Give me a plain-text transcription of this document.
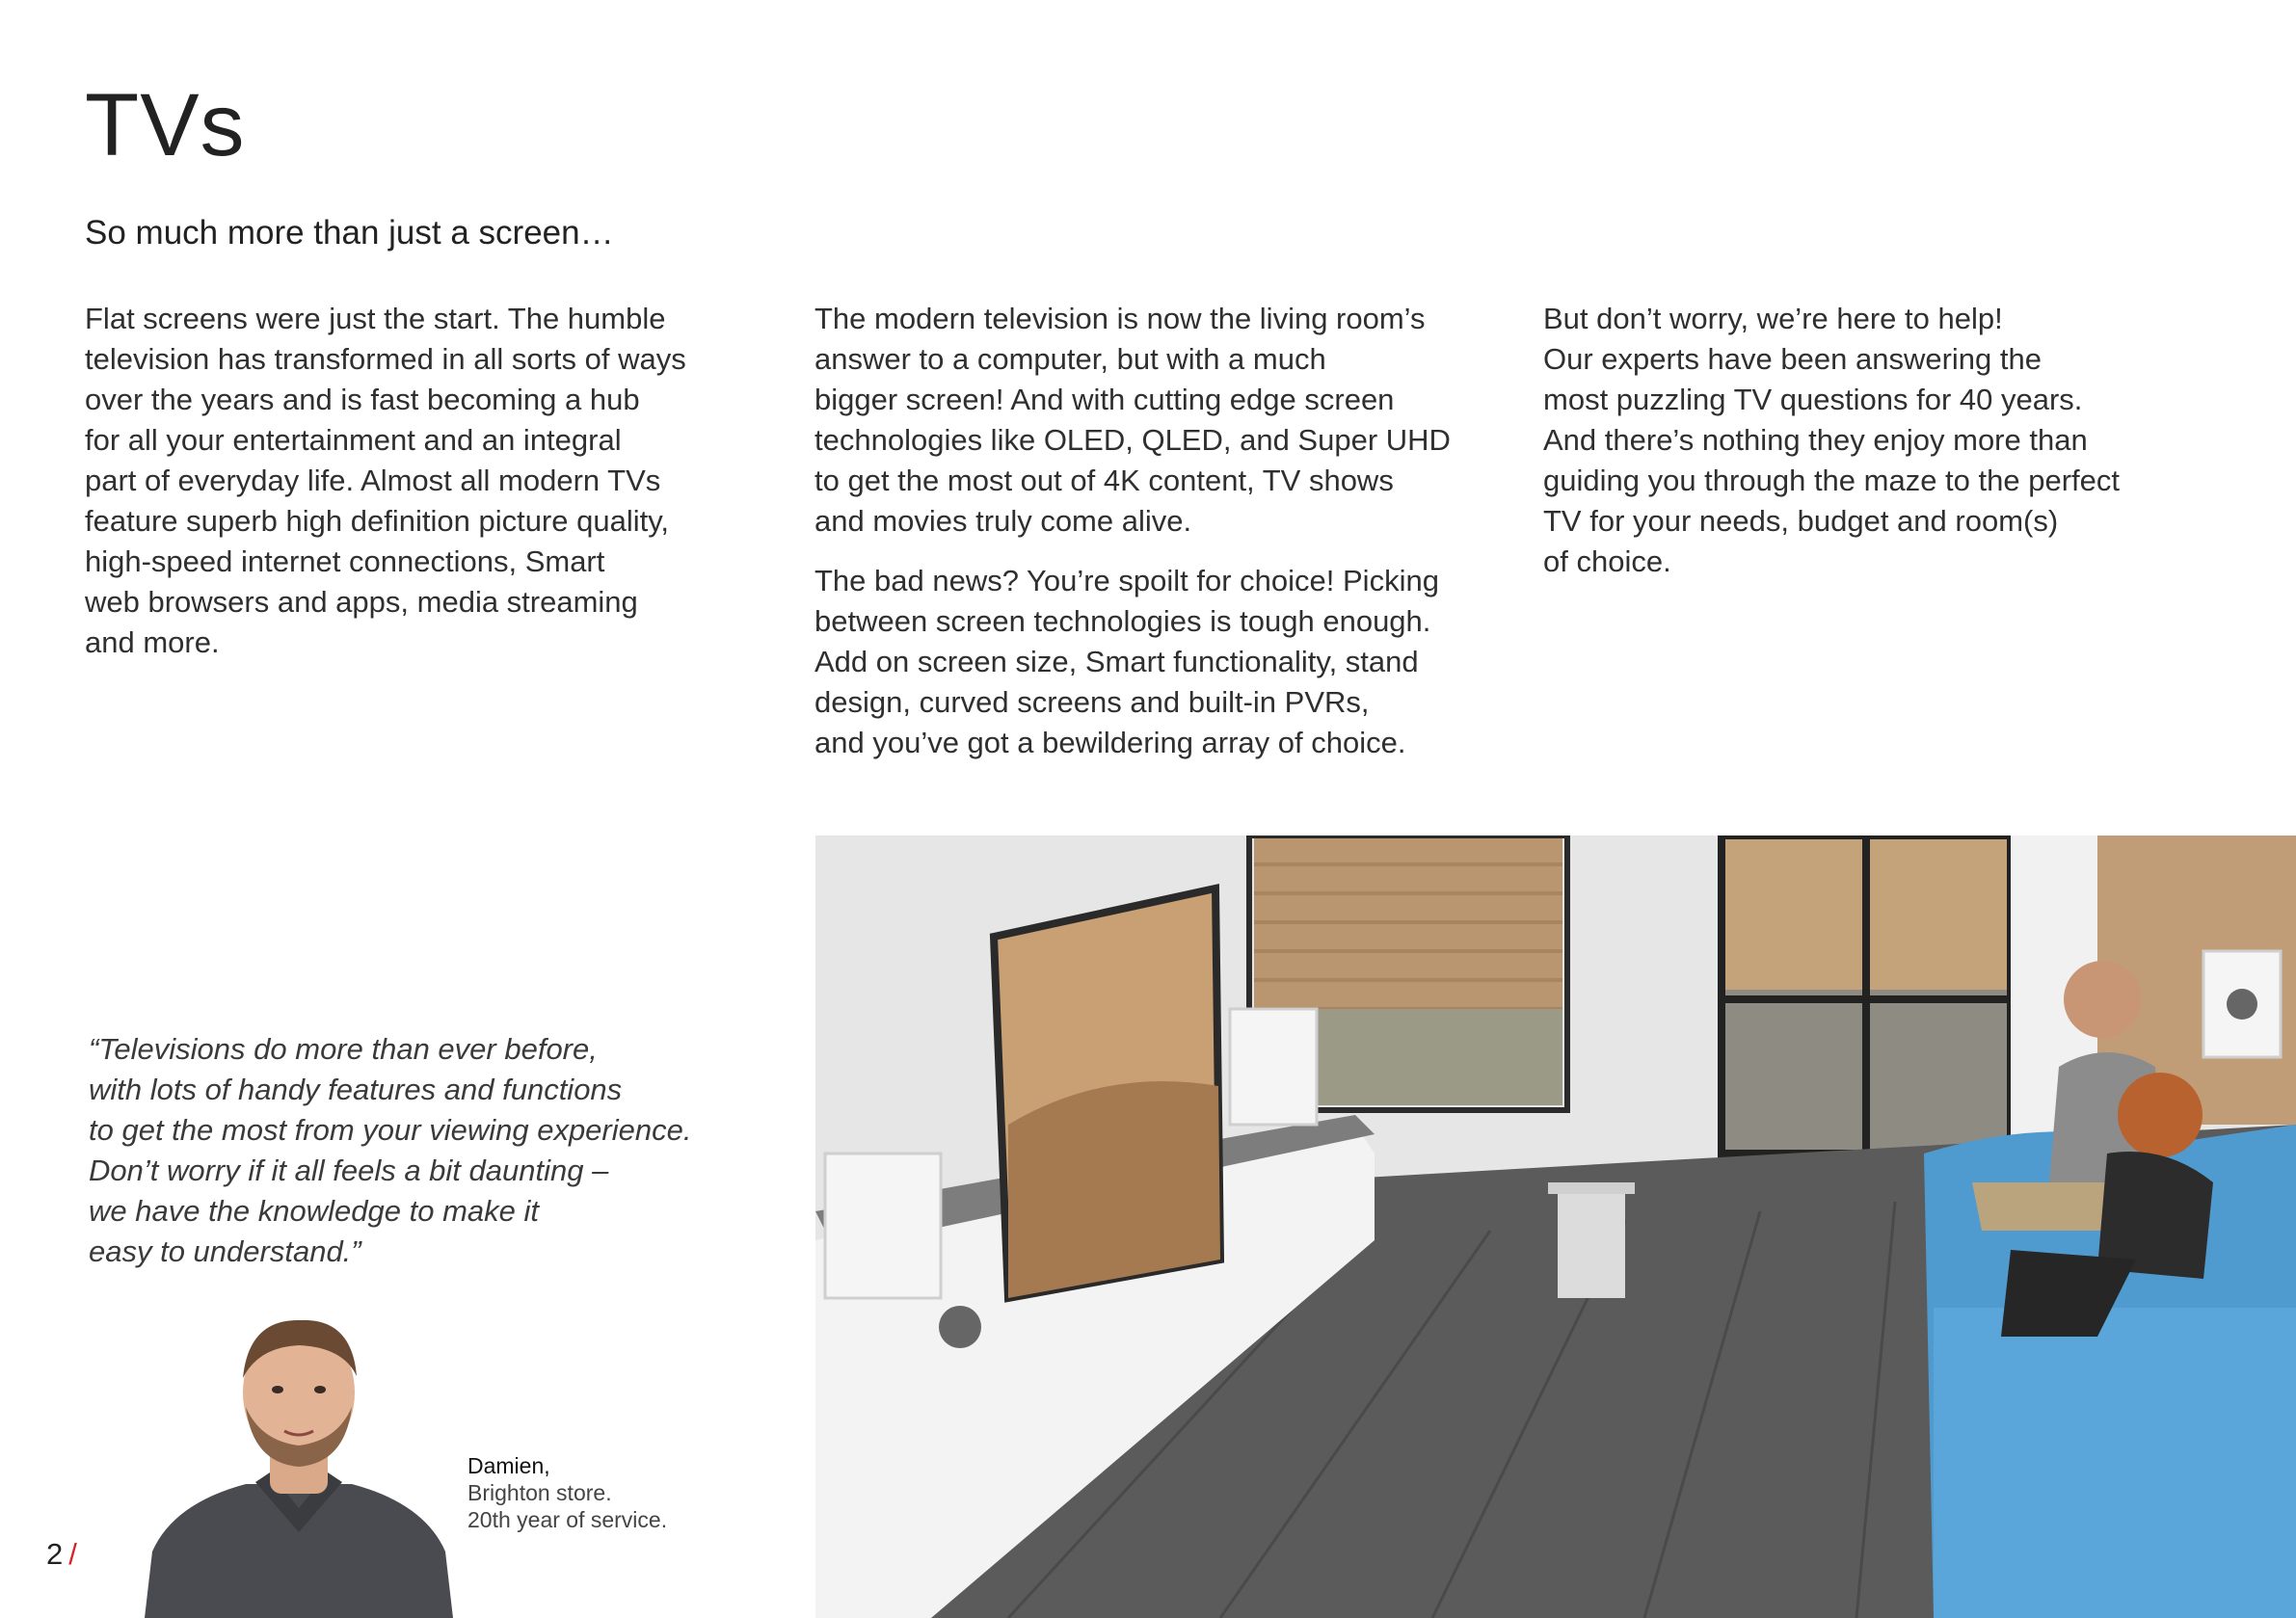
TVs
So much more than just a screen…

Flat screens were just the start. The humble
television has transformed in all sorts of ways
over the years and is fast becoming a hub
for all your entertainment and an integral
part of everyday life. Almost all modern TVs
feature superb high definition picture quality,
high-speed internet connections, Smart
web browsers and apps, media streaming
and more.

The modern television is now the living room’s
answer to a computer, but with a much
bigger screen! And with cutting edge screen
technologies like OLED, QLED, and Super UHD
to get the most out of 4K content, TV shows
and movies truly come alive.

The bad news? You’re spoilt for choice! Picking
between screen technologies is tough enough.
Add on screen size, Smart functionality, stand
design, curved screens and built-in PVRs,
and you’ve got a bewildering array of choice.

But don’t worry, we’re here to help!
Our experts have been answering the
most puzzling TV questions for 40 years.
And there’s nothing they enjoy more than
guiding you through the maze to the perfect
TV for your needs, budget and room(s)
of choice.

“Televisions do more than ever before,
with lots of handy features and functions
to get the most from your viewing experience.
Don’t worry if it all feels a bit daunting –
we have the knowledge to make it
easy to understand.”

Damien,
Brighton store.
20th year of service.
2 /
